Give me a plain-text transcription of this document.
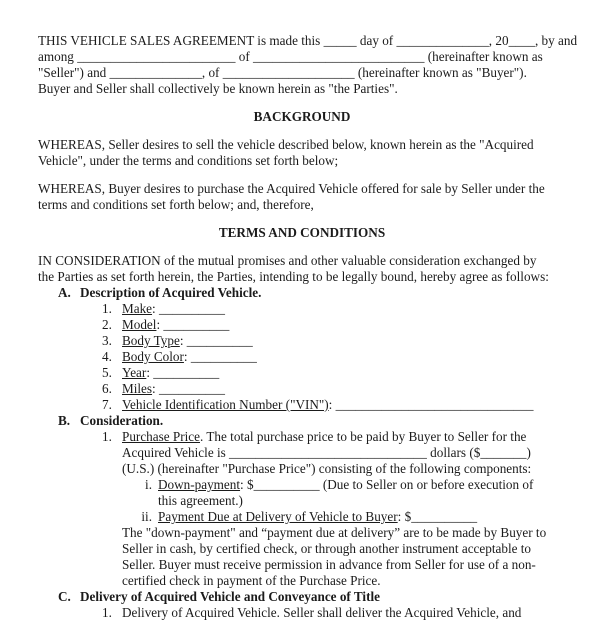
THIS VEHICLE SALES AGREEMENT is made this _____ day of ______________, 20____, by and
among ________________________ of __________________________ (hereinafter known as
"Seller") and ______________, of ____________________ (hereinafter known as "Buyer").
Buyer and Seller shall collectively be known herein as "the Parties".
BACKGROUND
WHEREAS, Seller desires to sell the vehicle described below, known herein as the "Acquired
Vehicle", under the terms and conditions set forth below;
WHEREAS, Buyer desires to purchase the Acquired Vehicle offered for sale by Seller under the
terms and conditions set forth below; and, therefore,
TERMS AND CONDITIONS
IN CONSIDERATION of the mutual promises and other valuable consideration exchanged by
the Parties as set forth herein, the Parties, intending to be legally bound, hereby agree as follows:
A. Description of Acquired Vehicle.
1. Make: __________
2. Model: __________
3. Body Type: __________
4. Body Color: __________
5. Year: __________
6. Miles: __________
7. Vehicle Identification Number ("VIN"): ______________________________
B. Consideration.
1. Purchase Price. The total purchase price to be paid by Buyer to Seller for the
Acquired Vehicle is ______________________________ dollars ($_______)
(U.S.) (hereinafter "Purchase Price") consisting of the following components:
i. Down-payment: $__________ (Due to Seller on or before execution of
this agreement.)
ii. Payment Due at Delivery of Vehicle to Buyer: $__________
The "down-payment" and “payment due at delivery” are to be made by Buyer to
Seller in cash, by certified check, or through another instrument acceptable to
Seller. Buyer must receive permission in advance from Seller for use of a non-
certified check in payment of the Purchase Price.
C. Delivery of Acquired Vehicle and Conveyance of Title
1. Delivery of Acquired Vehicle. Seller shall deliver the Acquired Vehicle, and
